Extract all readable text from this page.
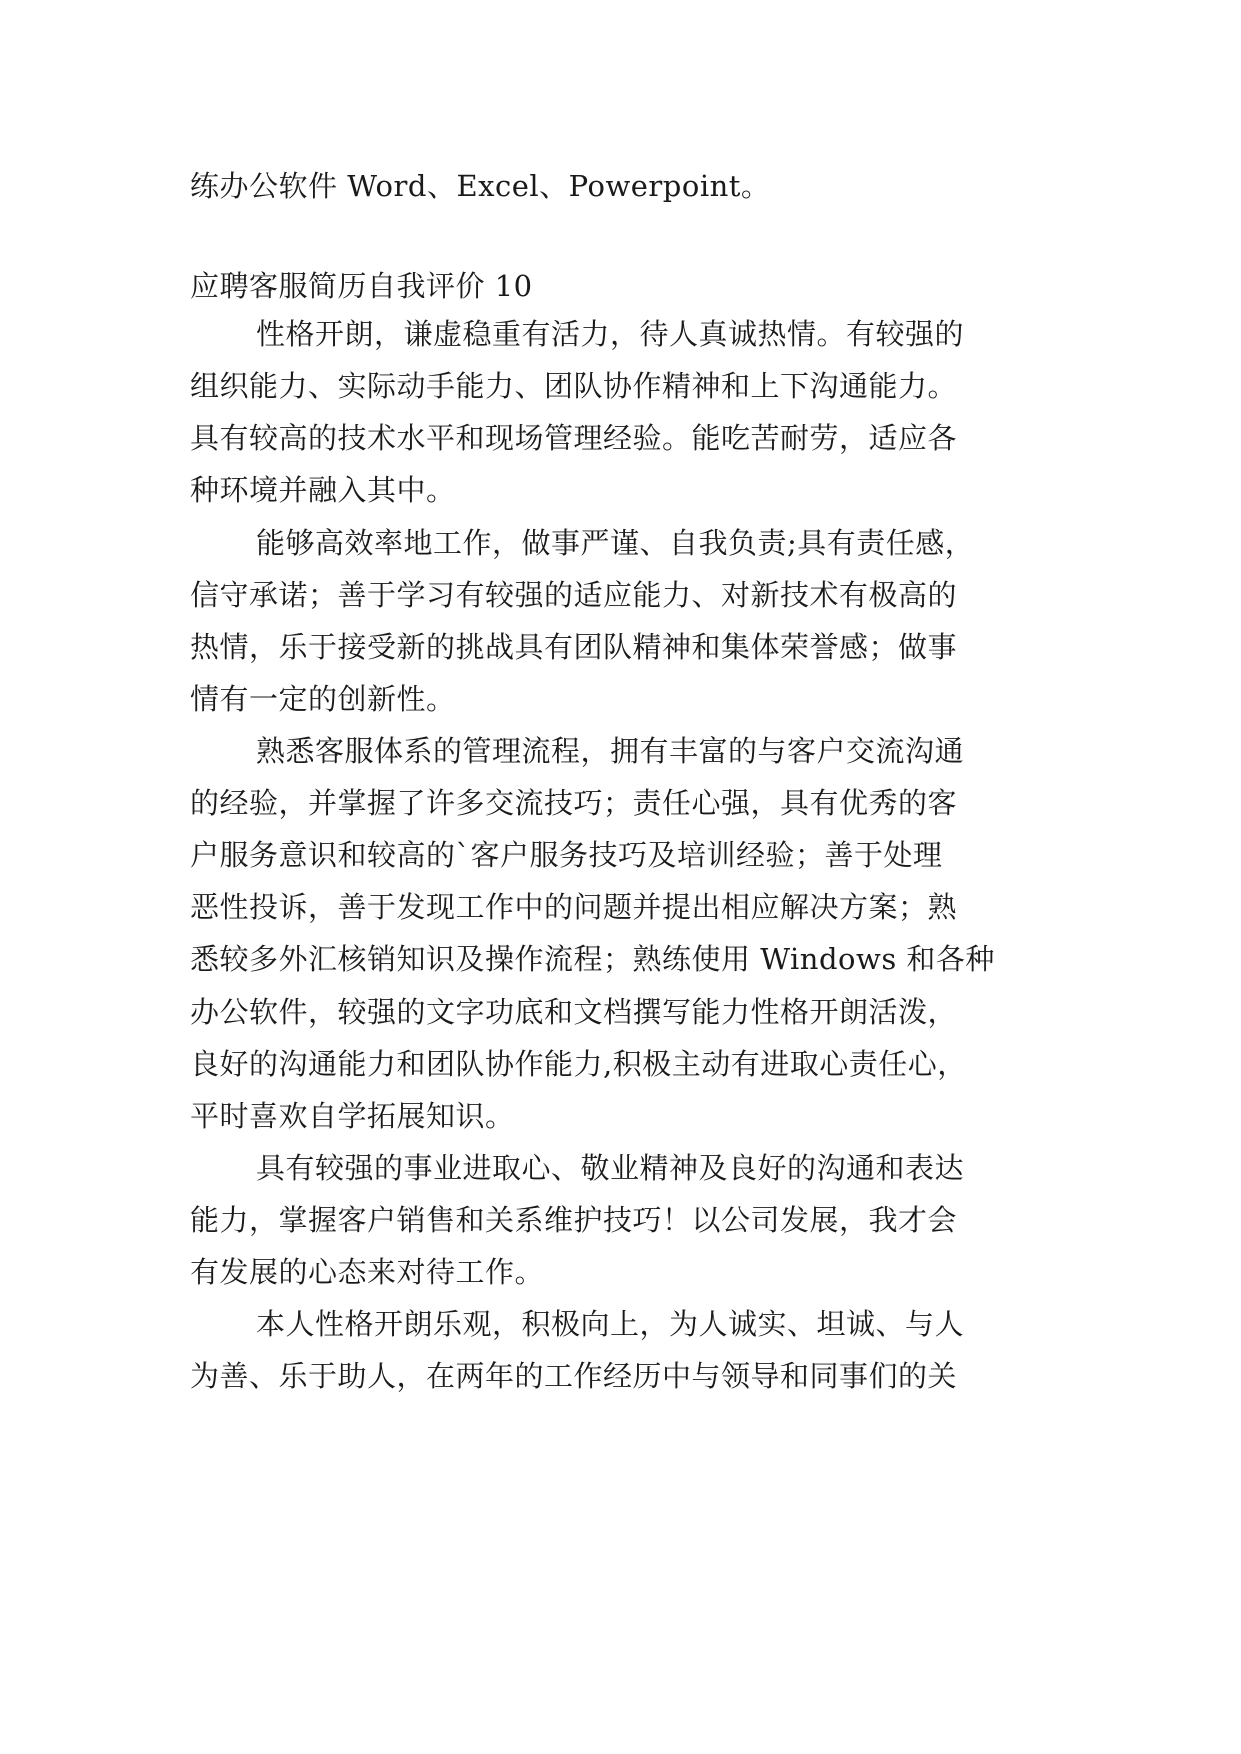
练办公软件 Word、Excel、Powerpoint。
应聘客服简历自我评价 10
性格开朗，谦虚稳重有活力，待人真诚热情。有较强的
组织能力、实际动手能力、团队协作精神和上下沟通能力。
具有较高的技术水平和现场管理经验。能吃苦耐劳，适应各
种环境并融入其中。
能够高效率地工作，做事严谨、自我负责;具有责任感，
信守承诺；善于学习有较强的适应能力、对新技术有极高的
热情，乐于接受新的挑战具有团队精神和集体荣誉感；做事
情有一定的创新性。
熟悉客服体系的管理流程，拥有丰富的与客户交流沟通
的经验，并掌握了许多交流技巧；责任心强，具有优秀的客
户服务意识和较高的`客户服务技巧及培训经验；善于处理
恶性投诉，善于发现工作中的问题并提出相应解决方案；熟
悉较多外汇核销知识及操作流程；熟练使用 Windows 和各种
办公软件，较强的文字功底和文档撰写能力性格开朗活泼，
良好的沟通能力和团队协作能力,积极主动有进取心责任心，
平时喜欢自学拓展知识。
具有较强的事业进取心、敬业精神及良好的沟通和表达
能力，掌握客户销售和关系维护技巧！以公司发展，我才会
有发展的心态来对待工作。
本人性格开朗乐观，积极向上，为人诚实、坦诚、与人
为善、乐于助人，在两年的工作经历中与领导和同事们的关
